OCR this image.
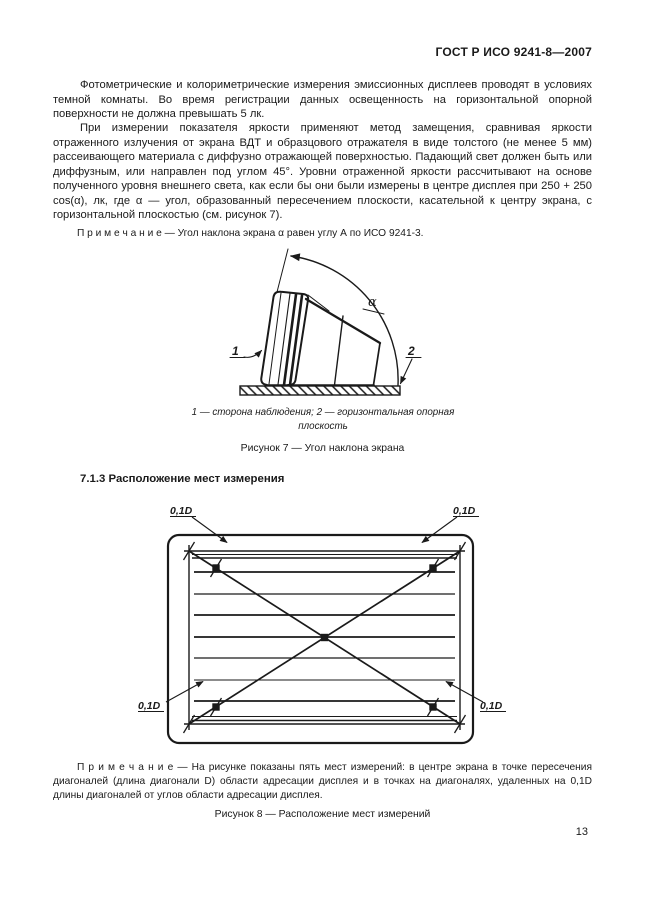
ГОСТ Р ИСО 9241-8—2007

Фотометрические и колориметрические измерения эмиссионных дисплеев проводят в условиях темной комнаты. Во время регистрации данных освещенность на горизонтальной опорной поверхности не должна превышать 5 лк.

При измерении показателя яркости применяют метод замещения, сравнивая яркости отраженного излучения от экрана ВДТ и образцового отражателя в виде толстого (не менее 5 мм) рассеивающего материала с диффузно отражающей поверхностью. Падающий свет должен быть или диффузным, или направлен под углом 45°. Уровни отраженной яркости рассчитывают на основе полученного уровня внешнего света, как если бы они были измерены в центре дисплея при 250 + 250 cos(α), лк, где α — угол, образованный пересечением плоскости, касательной к центру экрана, с горизонтальной плоскостью (см. рисунок 7).

П р и м е ч а н и е — Угол наклона экрана α равен углу А по ИСО 9241-3.

α
1	2
1 — сторона наблюдения; 2 — горизонтальная опорная плоскость
Рисунок 7 — Угол наклона экрана
7.1.3 Расположение мест измерения
0,1D	0,1D
0,1D	0,1D

П р и м е ч а н и е — На рисунке показаны пять мест измерений: в центре экрана в точке пересечения диагоналей (длина диагонали D) области адресации дисплея и в точках на диагоналях, удаленных на 0,1D длины диагоналей от углов области адресации дисплея.

Рисунок 8 — Расположение мест измерений
13
